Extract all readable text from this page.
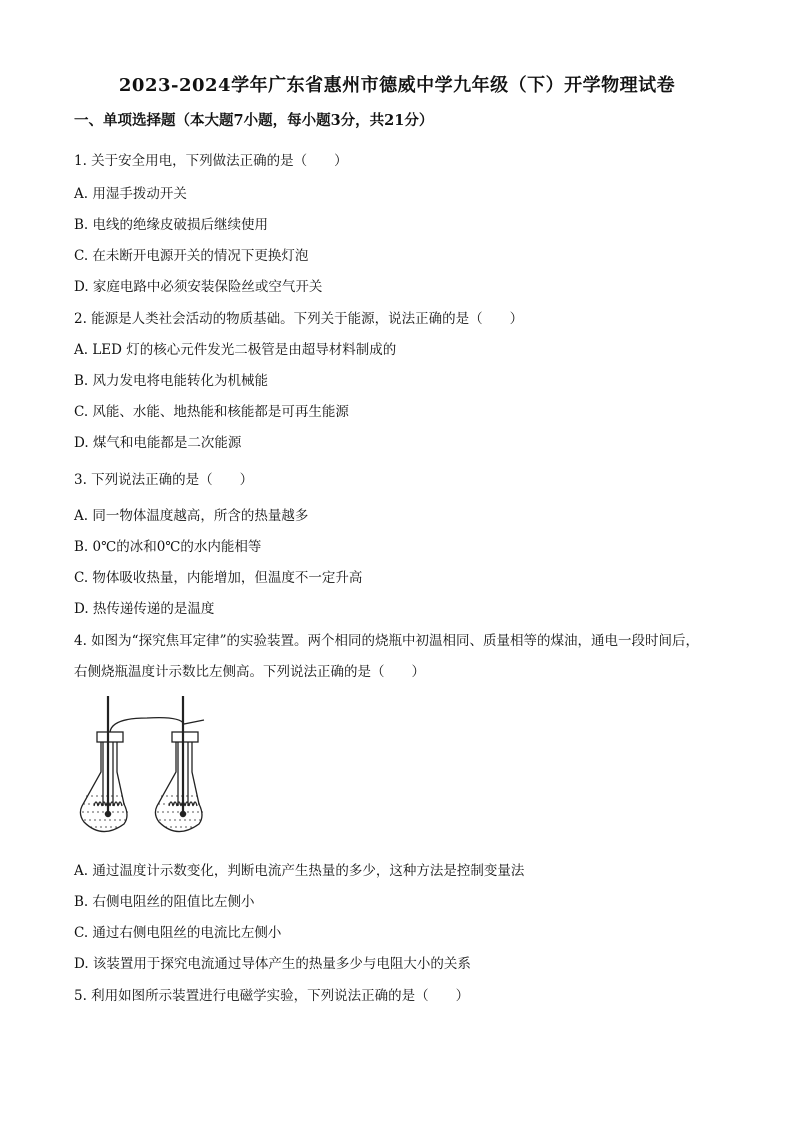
2023-2024学年广东省惠州市德威中学九年级（下）开学物理试卷
一、单项选择题（本大题7小题，每小题3分，共21分）
1. 关于安全用电，下列做法正确的是（　　）
A. 用湿手拨动开关
B. 电线的绝缘皮破损后继续使用
C. 在未断开电源开关的情况下更换灯泡
D. 家庭电路中必须安装保险丝或空气开关
2. 能源是人类社会活动的物质基础。下列关于能源，说法正确的是（　　）
A. LED 灯的核心元件发光二极管是由超导材料制成的
B. 风力发电将电能转化为机械能
C. 风能、水能、地热能和核能都是可再生能源
D. 煤气和电能都是二次能源
3. 下列说法正确的是（　　）
A. 同一物体温度越高，所含的热量越多
B. 0℃的冰和0℃的水内能相等
C. 物体吸收热量，内能增加，但温度不一定升高
D. 热传递传递的是温度
4. 如图为“探究焦耳定律”的实验装置。两个相同的烧瓶中初温相同、质量相等的煤油，通电一段时间后，
右侧烧瓶温度计示数比左侧高。下列说法正确的是（　　）
A. 通过温度计示数变化，判断电流产生热量的多少，这种方法是控制变量法
B. 右侧电阻丝的阻值比左侧小
C. 通过右侧电阻丝的电流比左侧小
D. 该装置用于探究电流通过导体产生的热量多少与电阻大小的关系
5. 利用如图所示装置进行电磁学实验，下列说法正确的是（　　）
